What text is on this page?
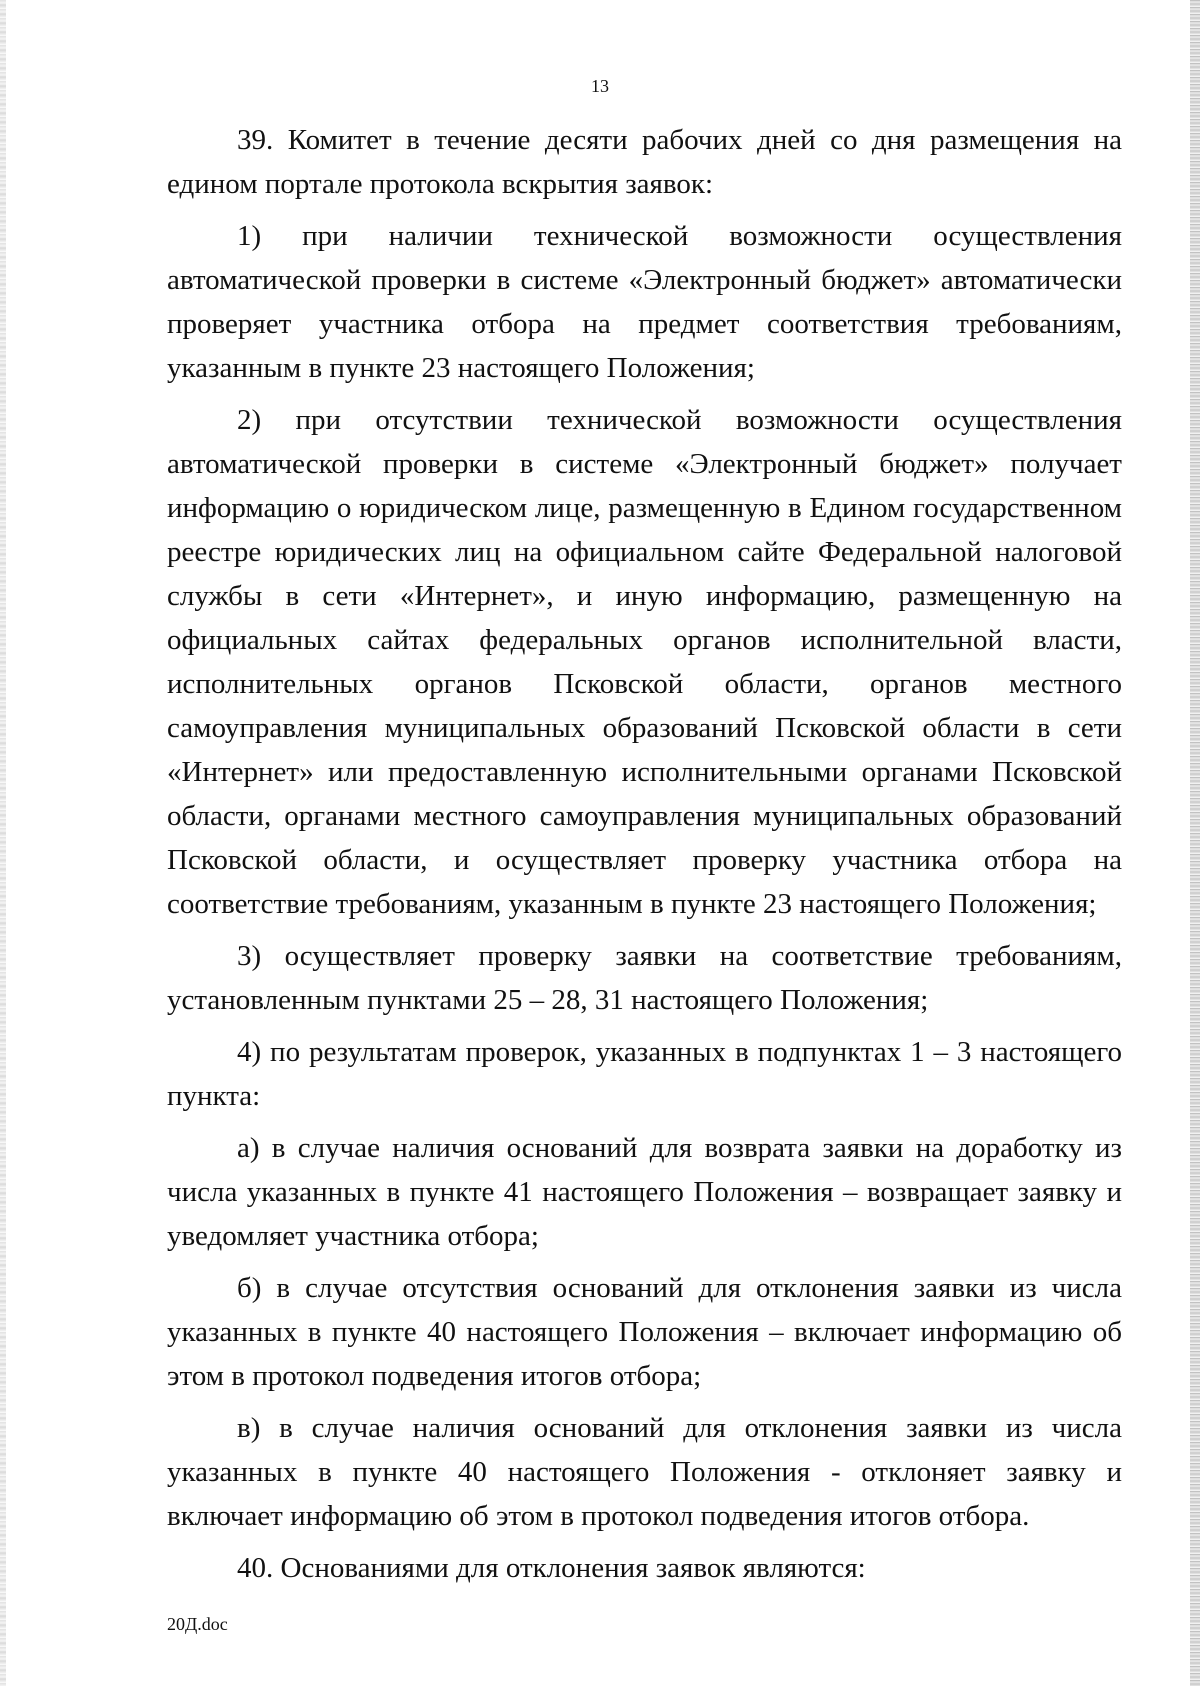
13

39. Комитет в течение десяти рабочих дней со дня размещения на едином портале протокола вскрытия заявок:

1) при наличии технической возможности осуществления автоматической проверки в системе «Электронный бюджет» автоматически проверяет участника отбора на предмет соответствия требованиям, указанным в пункте 23 настоящего Положения;

2) при отсутствии технической возможности осуществления автоматической проверки в системе «Электронный бюджет» получает информацию о юридическом лице, размещенную в Едином государственном реестре юридических лиц на официальном сайте Федеральной налоговой службы в сети «Интернет», и иную информацию, размещенную на официальных сайтах федеральных органов исполнительной власти, исполнительных органов Псковской области, органов местного самоуправления муниципальных образований Псковской области в сети «Интернет» или предоставленную исполнительными органами Псковской области, органами местного самоуправления муниципальных образований Псковской области, и осуществляет проверку участника отбора на соответствие требованиям, указанным в пункте 23 настоящего Положения;

3) осуществляет проверку заявки на соответствие требованиям, установленным пунктами 25 – 28, 31 настоящего Положения;

4) по результатам проверок, указанных в подпунктах 1 – 3 настоящего пункта:

а) в случае наличия оснований для возврата заявки на доработку из числа указанных в пункте 41 настоящего Положения – возвращает заявку и уведомляет участника отбора;

б) в случае отсутствия оснований для отклонения заявки из числа указанных в пункте 40 настоящего Положения – включает информацию об этом в протокол подведения итогов отбора;

в) в случае наличия оснований для отклонения заявки из числа указанных в пункте 40 настоящего Положения - отклоняет заявку и включает информацию об этом в протокол подведения итогов отбора.

40. Основаниями для отклонения заявок являются:

20Д.doc
